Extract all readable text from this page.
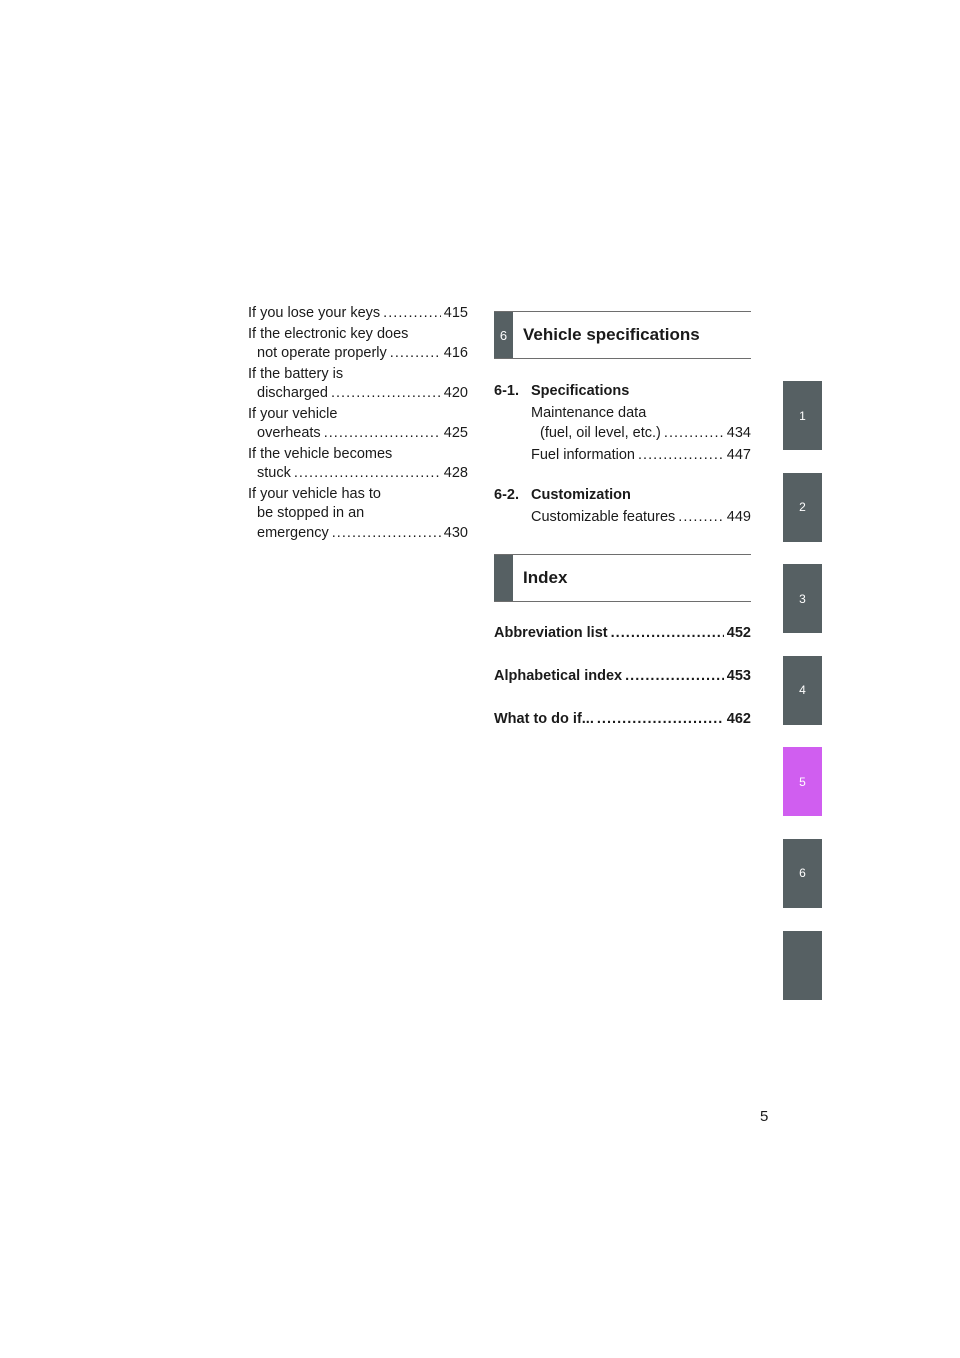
If you lose your keys . . .	415
If the electronic key does
not operate properly . . .	416
If the battery is
discharged . . .	420
If your vehicle
overheats . . .	425
If the vehicle becomes
stuck . . .	428
If your vehicle has to
be stopped in an
emergency . . .	430
6 Vehicle specifications
6-1. Specifications
Maintenance data
(fuel, oil level, etc.) . . .	434
Fuel information . . .	447
6-2. Customization
Customizable features . . .	449
Index
Abbreviation list . . .	452
Alphabetical index . . .	453
What to do if... . . .	462
1
2
3
4
5
6
5
